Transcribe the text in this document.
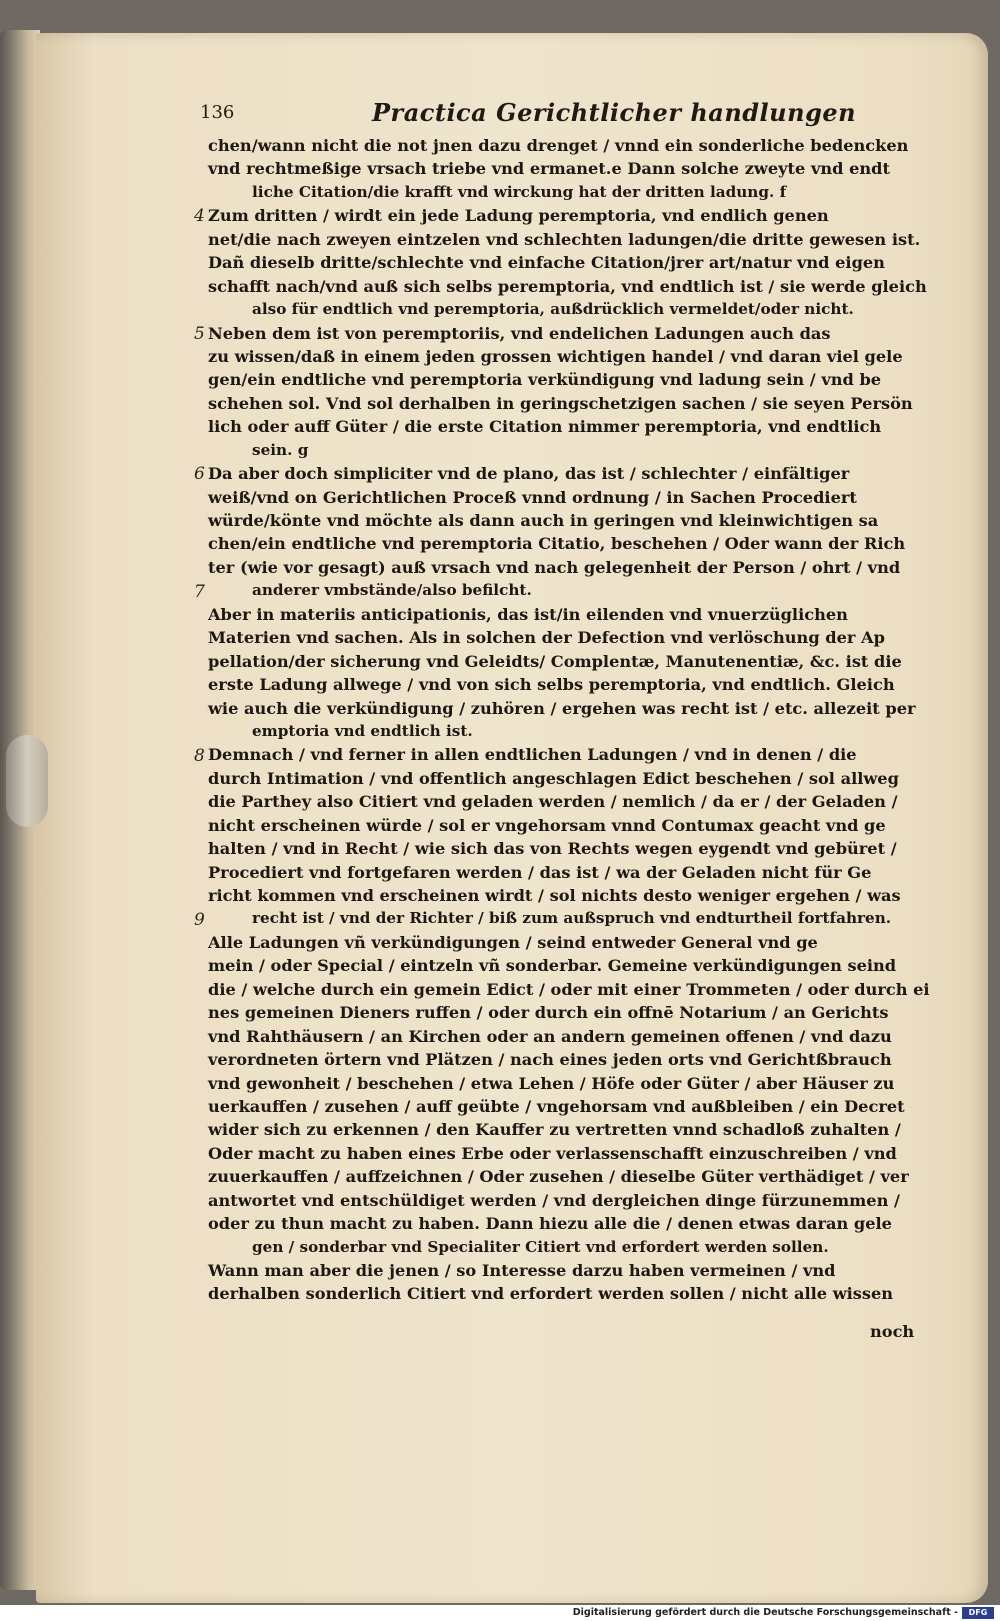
136	Practica Gerichtlicher handlungen
chen/wann nicht die not jnen dazu drenget / vnnd ein sonderliche bedencken
vnd rechtmeßige vrsach triebe vnd ermanet.e Dann solche zweyte vnd endt
liche Citation/die krafft vnd wirckung hat der dritten ladung. f
Zum dritten / wirdt ein jede Ladung peremptoria, vnd endlich genen
net/die nach zweyen eintzelen vnd schlechten ladungen/die dritte gewesen ist.
Dañ dieselb dritte/schlechte vnd einfache Citation/jrer art/natur vnd eigen
schafft nach/vnd auß sich selbs peremptoria, vnd endtlich ist / sie werde gleich
also für endtlich vnd peremptoria, außdrücklich vermeldet/oder nicht.
Neben dem ist von peremptoriis, vnd endelichen Ladungen auch das
zu wissen/daß in einem jeden grossen wichtigen handel / vnd daran viel gele
gen/ein endtliche vnd peremptoria verkündigung vnd ladung sein / vnd be
schehen sol. Vnd sol derhalben in geringschetzigen sachen / sie seyen Persön
lich oder auff Güter / die erste Citation nimmer peremptoria, vnd endtlich
sein. g
Da aber doch simpliciter vnd de plano, das ist / schlechter / einfältiger
weiß/vnd on Gerichtlichen Proceß vnnd ordnung / in Sachen Procediert
würde/könte vnd möchte als dann auch in geringen vnd kleinwichtigen sa
chen/ein endtliche vnd peremptoria Citatio, beschehen / Oder wann der Rich
ter (wie vor gesagt) auß vrsach vnd nach gelegenheit der Person / ohrt / vnd
anderer vmbstände/also befilcht.
Aber in materiis anticipationis, das ist/in eilenden vnd vnuerzüglichen
Materien vnd sachen. Als in solchen der Defection vnd verlöschung der Ap
pellation/der sicherung vnd Geleidts/ Complentæ, Manutenentiæ, &c. ist die
erste Ladung allwege / vnd von sich selbs peremptoria, vnd endtlich. Gleich
wie auch die verkündigung / zuhören / ergehen was recht ist / etc. allezeit per
emptoria vnd endtlich ist.
Demnach / vnd ferner in allen endtlichen Ladungen / vnd in denen / die
durch Intimation / vnd offentlich angeschlagen Edict beschehen / sol allweg
die Parthey also Citiert vnd geladen werden / nemlich / da er / der Geladen /
nicht erscheinen würde / sol er vngehorsam vnnd Contumax geacht vnd ge
halten / vnd in Recht / wie sich das von Rechts wegen eygendt vnd gebüret /
Procediert vnd fortgefaren werden / das ist / wa der Geladen nicht für Ge
richt kommen vnd erscheinen wirdt / sol nichts desto weniger ergehen / was
recht ist / vnd der Richter / biß zum außspruch vnd endturtheil fortfahren.
Alle Ladungen vñ verkündigungen / seind entweder General vnd ge
mein / oder Special / eintzeln vñ sonderbar. Gemeine verkündigungen seind
die / welche durch ein gemein Edict / oder mit einer Trommeten / oder durch ei
nes gemeinen Dieners ruffen / oder durch ein offnē Notarium / an Gerichts
vnd Rahthäusern / an Kirchen oder an andern gemeinen offenen / vnd dazu
verordneten örtern vnd Plätzen / nach eines jeden orts vnd Gerichtßbrauch
vnd gewonheit / beschehen / etwa Lehen / Höfe oder Güter / aber Häuser zu
uerkauffen / zusehen / auff geübte / vngehorsam vnd außbleiben / ein Decret
wider sich zu erkennen / den Kauffer zu vertretten vnnd schadloß zuhalten /
Oder macht zu haben eines Erbe oder verlassenschafft einzuschreiben / vnd
zuuerkauffen / auffzeichnen / Oder zusehen / dieselbe Güter verthädiget / ver
antwortet vnd entschüldiget werden / vnd dergleichen dinge fürzunemmen /
oder zu thun macht zu haben. Dann hiezu alle die / denen etwas daran gele
gen / sonderbar vnd Specialiter Citiert vnd erfordert werden sollen.
Wann man aber die jenen / so Interesse darzu haben vermeinen / vnd
derhalben sonderlich Citiert vnd erfordert werden sollen / nicht alle wissen
4
5
6
7
8
9
noch
Digitalisierung gefördert durch die Deutsche Forschungsgemeinschaft -	DFG
